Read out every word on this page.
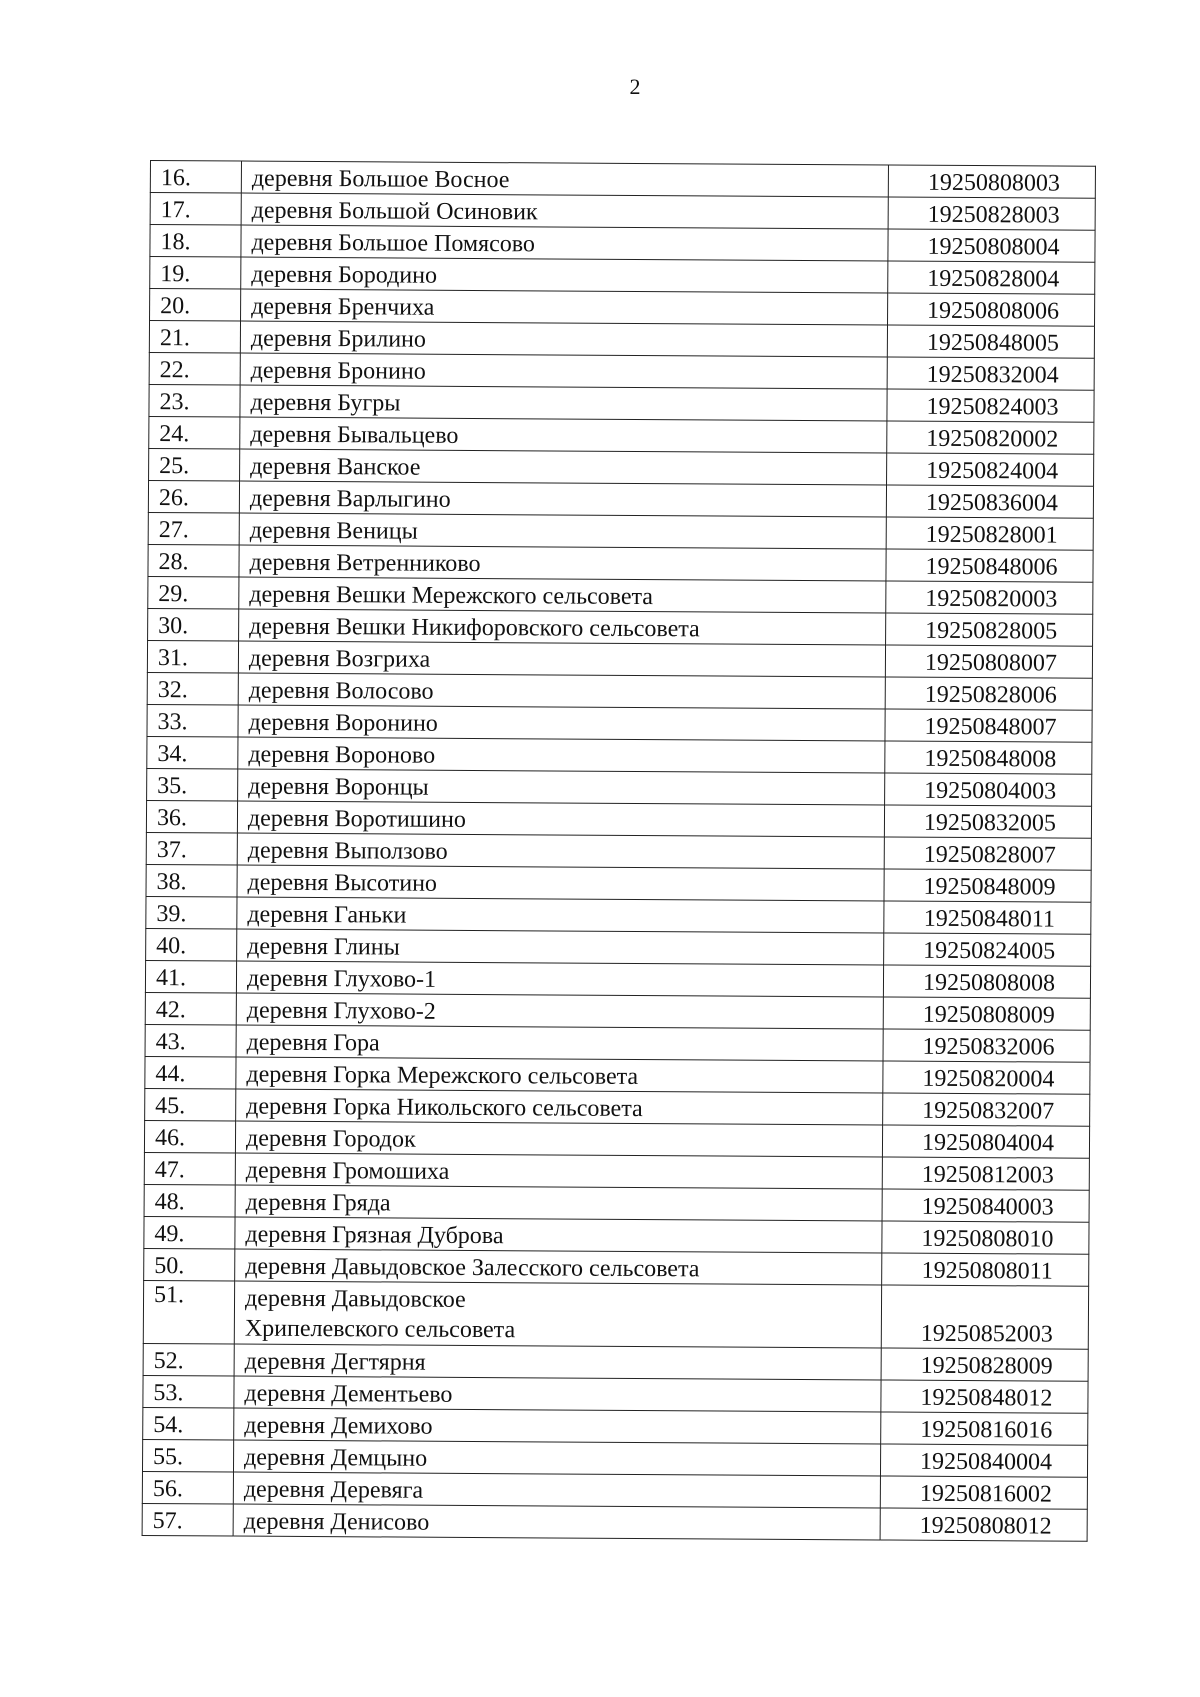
2
16.	деревня Большое Восное	19250808003
17.	деревня Большой Осиновик	19250828003
18.	деревня Большое Помясово	19250808004
19.	деревня Бородино	19250828004
20.	деревня Бренчиха	19250808006
21.	деревня Брилино	19250848005
22.	деревня Бронино	19250832004
23.	деревня Бугры	19250824003
24.	деревня Бывальцево	19250820002
25.	деревня Ванское	19250824004
26.	деревня Варлыгино	19250836004
27.	деревня Веницы	19250828001
28.	деревня Ветренниково	19250848006
29.	деревня Вешки Мережского сельсовета	19250820003
30.	деревня Вешки Никифоровского сельсовета	19250828005
31.	деревня Возгриха	19250808007
32.	деревня Волосово	19250828006
33.	деревня Воронино	19250848007
34.	деревня Вороново	19250848008
35.	деревня Воронцы	19250804003
36.	деревня Воротишино	19250832005
37.	деревня Выползово	19250828007
38.	деревня Высотино	19250848009
39.	деревня Ганьки	19250848011
40.	деревня Глины	19250824005
41.	деревня Глухово-1	19250808008
42.	деревня Глухово-2	19250808009
43.	деревня Гора	19250832006
44.	деревня Горка Мережского сельсовета	19250820004
45.	деревня Горка Никольского сельсовета	19250832007
46.	деревня Городок	19250804004
47.	деревня Громошиха	19250812003
48.	деревня Гряда	19250840003
49.	деревня Грязная Дуброва	19250808010
50.	деревня Давыдовское Залесского сельсовета	19250808011
51.	деревня Давыдовское
Хрипелевского сельсовета	19250852003
52.	деревня Дегтярня	19250828009
53.	деревня Дементьево	19250848012
54.	деревня Демихово	19250816016
55.	деревня Демцыно	19250840004
56.	деревня Деревяга	19250816002
57.	деревня Денисово	19250808012
